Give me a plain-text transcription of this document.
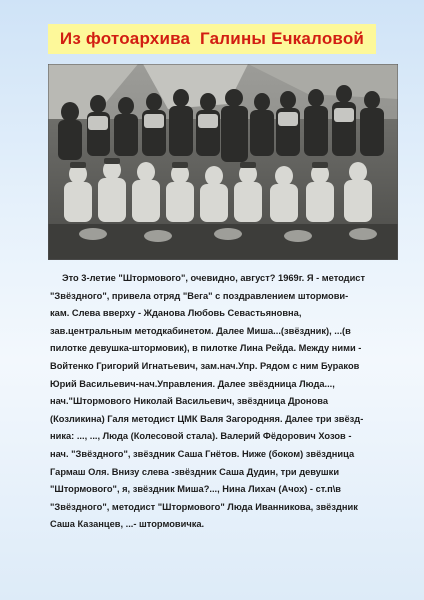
Из фотоархива  Галины Ечкаловой
Это 3-летие "Штормового", очевидно, август? 1969г. Я - методист
"Звёздного", привела отряд "Вега" с поздравлением штормови-
кам. Слева вверху - Жданова Любовь Севастьяновна,
зав.центральным методкабинетом. Далее Миша...(звёздник), ...(в
пилотке девушка-штормовик), в пилотке Лина Рейда. Между ними -
Войтенко Григорий Игнатьевич, зам.нач.Упр. Рядом с ним Бураков
Юрий Васильевич-нач.Управления. Далее звёздница Люда...,
нач."Штормового Николай Васильевич, звёздница Дронова
(Козликина) Галя методист ЦМК Валя Загородняя. Далее три звёзд-
ника: ..., ..., Люда (Колесовой стала). Валерий Фёдорович Хозов -
нач. "Звёздного", звёздник Саша Гнётов. Ниже (боком) звёздница
Гармаш Оля. Внизу слева -звёздник Саша Дудин, три девушки
"Штормового", я, звёздник Миша?..., Нина Лихач (Ачох) - ст.п\в
"Звёздного", методист "Штормового" Люда Иванникова, звёздник
Саша Казанцев, ...- штормовичка.
